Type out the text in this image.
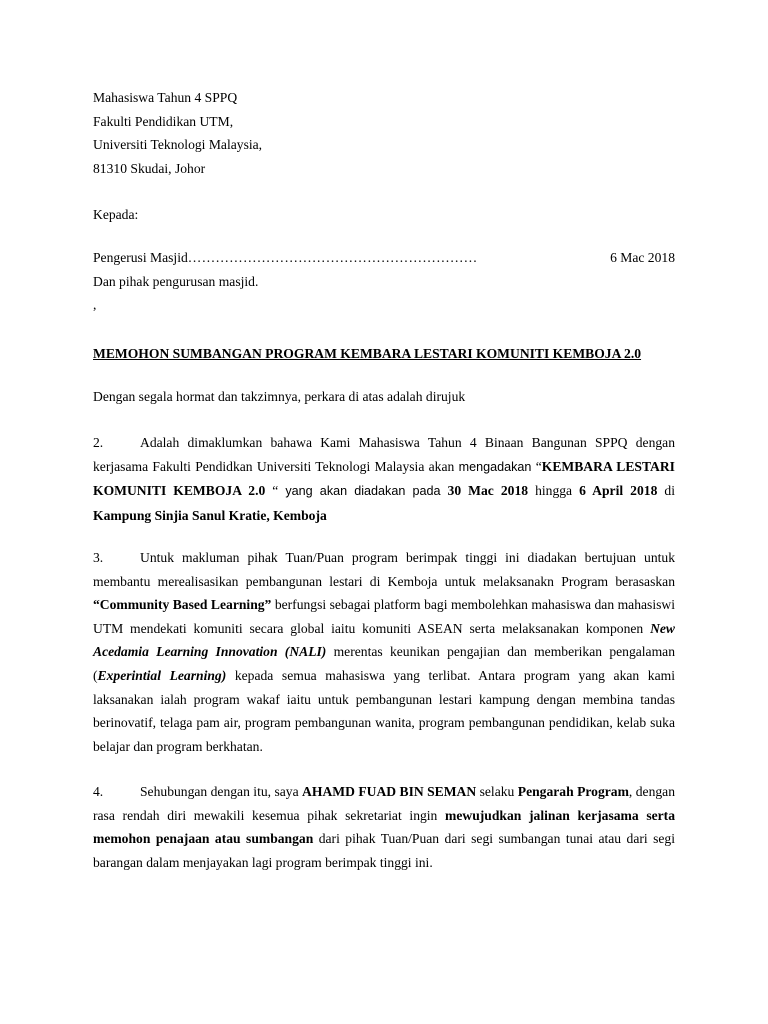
Mahasiswa Tahun 4 SPPQ
Fakulti Pendidikan UTM,
Universiti Teknologi Malaysia,
81310 Skudai, Johor
Kepada:
Pengerusi Masjid………………………………………………………	6 Mac 2018
Dan pihak pengurusan masjid.
,
MEMOHON SUMBANGAN PROGRAM KEMBARA LESTARI KOMUNITI KEMBOJA 2.0
Dengan segala hormat dan takzimnya, perkara di atas adalah dirujuk
2.	Adalah dimaklumkan bahawa Kami Mahasiswa Tahun 4 Binaan Bangunan SPPQ dengan kerjasama Fakulti Pendidkan Universiti Teknologi Malaysia akan mengadakan “KEMBARA LESTARI KOMUNITI KEMBOJA 2.0 “ yang akan diadakan pada 30 Mac 2018 hingga 6 April 2018 di Kampung Sinjia Sanul Kratie, Kemboja
3.	Untuk makluman pihak Tuan/Puan program berimpak tinggi ini diadakan bertujuan untuk membantu merealisasikan pembangunan lestari di Kemboja untuk melaksanakn Program berasaskan “Community Based Learning” berfungsi sebagai platform bagi membolehkan mahasiswa dan mahasiswi UTM mendekati komuniti secara global iaitu komuniti ASEAN serta melaksanakan komponen New Acedamia Learning Innovation (NALI) merentas keunikan pengajian dan memberikan pengalaman (Experintial Learning) kepada semua mahasiswa yang terlibat. Antara program yang akan kami laksanakan ialah program wakaf iaitu untuk pembangunan lestari kampung dengan membina tandas berinovatif, telaga pam air, program pembangunan wanita, program pembangunan pendidikan, kelab suka belajar dan program berkhatan.
4.	Sehubungan dengan itu, saya AHAMD FUAD BIN SEMAN selaku Pengarah Program, dengan rasa rendah diri mewakili kesemua pihak sekretariat ingin mewujudkan jalinan kerjasama serta memohon penajaan atau sumbangan dari pihak Tuan/Puan dari segi sumbangan tunai atau dari segi barangan dalam menjayakan lagi program berimpak tinggi ini.
